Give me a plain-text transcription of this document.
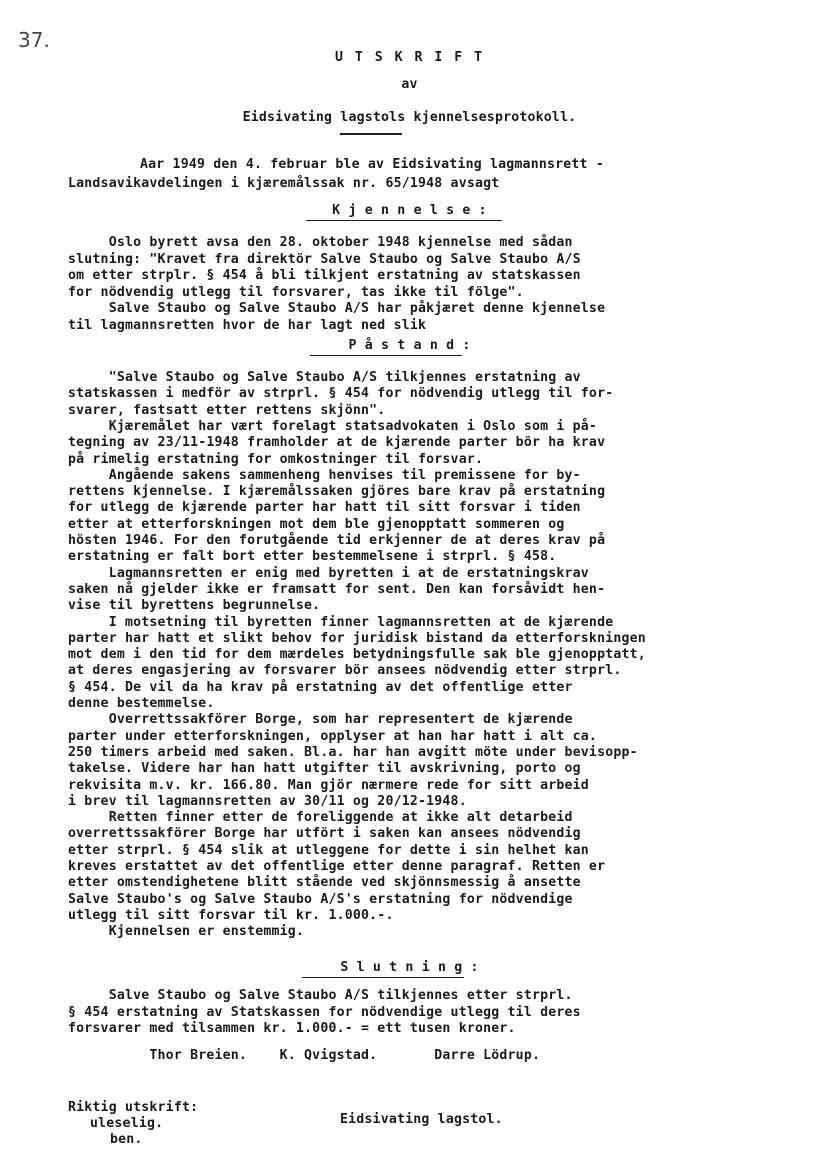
37.
U T S K R I F T
av
Eidsivating lagstols kjennelsesprotokoll.
Aar 1949 den 4. februar ble av Eidsivating lagmannsrett -
Landsavikavdelingen i kjæremålssak nr. 65/1948 avsagt
K j e n n e l s e :
Oslo byrett avsa den 28. oktober 1948 kjennelse med sådan
slutning: "Kravet fra direktör Salve Staubo og Salve Staubo A/S
om etter strplr. § 454 å bli tilkjent erstatning av statskassen
for nödvendig utlegg til forsvarer, tas ikke til fölge".
Salve Staubo og Salve Staubo A/S har påkjæret denne kjennelse
til lagmannsretten hvor de har lagt ned slik
P å s t a n d :
"Salve Staubo og Salve Staubo A/S tilkjennes erstatning av
statskassen i medför av strprl. § 454 for nödvendig utlegg til for-
svarer, fastsatt etter rettens skjönn".
Kjæremålet har vært forelagt statsadvokaten i Oslo som i på-
tegning av 23/11-1948 framholder at de kjærende parter bör ha krav
på rimelig erstatning for omkostninger til forsvar.
Angående sakens sammenheng henvises til premissene for by-
rettens kjennelse. I kjæremålssaken gjöres bare krav på erstatning
for utlegg de kjærende parter har hatt til sitt forsvar i tiden
etter at etterforskningen mot dem ble gjenopptatt sommeren og
hösten 1946. For den forutgående tid erkjenner de at deres krav på
erstatning er falt bort etter bestemmelsene i strprl. § 458.
Lagmannsretten er enig med byretten i at de erstatningskrav
saken nå gjelder ikke er framsatt for sent. Den kan forsåvidt hen-
vise til byrettens begrunnelse.
I motsetning til byretten finner lagmannsretten at de kjærende
parter har hatt et slikt behov for juridisk bistand da etterforskningen
mot dem i den tid for dem mærdeles betydningsfulle sak ble gjenopptatt,
at deres engasjering av forsvarer bör ansees nödvendig etter strprl.
§ 454. De vil da ha krav på erstatning av det offentlige etter
denne bestemmelse.
Overrettssakförer Borge, som har representert de kjærende
parter under etterforskningen, opplyser at han har hatt i alt ca.
250 timers arbeid med saken. Bl.a. har han avgitt möte under bevisopp-
takelse. Videre har han hatt utgifter til avskrivning, porto og
rekvisita m.v. kr. 166.80. Man gjör nærmere rede for sitt arbeid
i brev til lagmannsretten av 30/11 og 20/12-1948.
Retten finner etter de foreliggende at ikke alt detarbeid
overrettssakförer Borge har utfört i saken kan ansees nödvendig
etter strprl. § 454 slik at utleggene for dette i sin helhet kan
kreves erstattet av det offentlige etter denne paragraf. Retten er
etter omstendighetene blitt stående ved skjönnsmessig å ansette
Salve Staubo's og Salve Staubo A/S's erstatning for nödvendige
utlegg til sitt forsvar til kr. 1.000.-.
Kjennelsen er enstemmig.
S l u t n i n g :
Salve Staubo og Salve Staubo A/S tilkjennes etter strprl.
§ 454 erstatning av Statskassen for nödvendige utlegg til deres
forsvarer med tilsammen kr. 1.000.- = ett tusen kroner.
Thor Breien.    K. Qvigstad.       Darre Lödrup.
Riktig utskrift:
uleselig.
ben.
Eidsivating lagstol.
